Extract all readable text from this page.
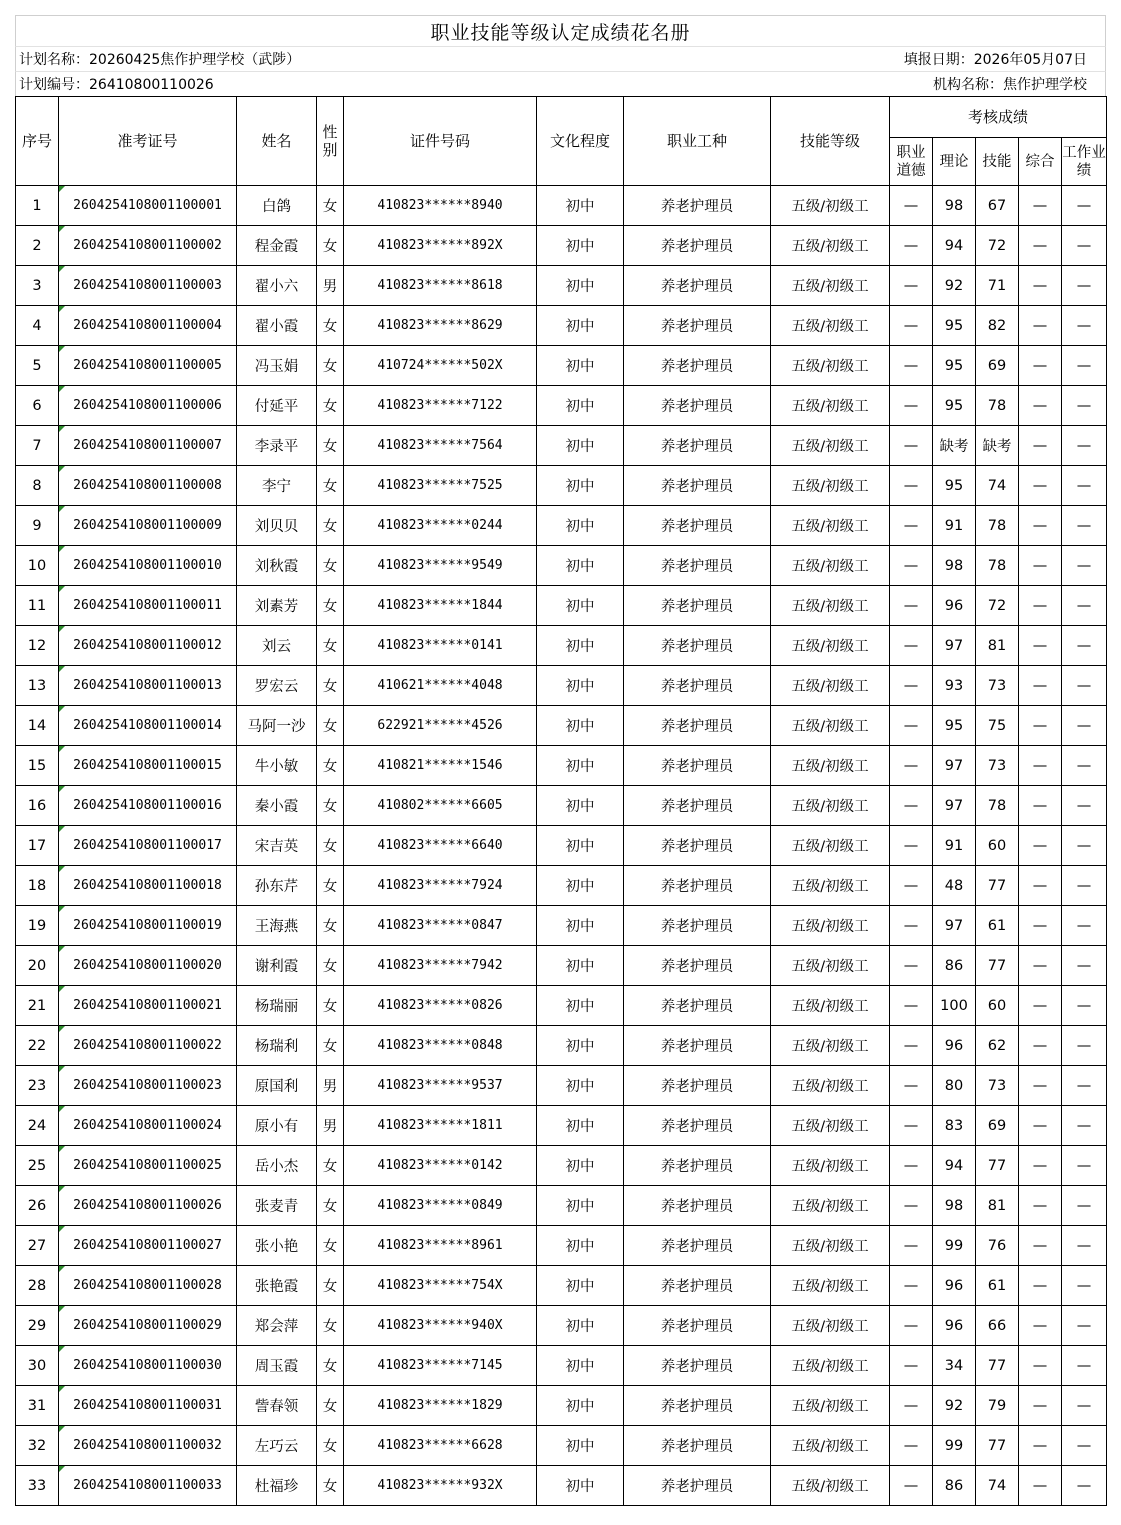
职业技能等级认定成绩花名册
计划名称：20260425焦作护理学校（武陟）	填报日期：2026年05月07日
计划编号：26410800110026	机构名称：焦作护理学校
序号	准考证号	姓名	性别	证件号码	文化程度	职业工种	技能等级	考核成绩				
								职业道德	理论	技能	综合	工作业绩
1	2604254108001100001	白鸽	女	410823******8940	初中	养老护理员	五级/初级工	—	98	67	—	—
2	2604254108001100002	程金霞	女	410823******892X	初中	养老护理员	五级/初级工	—	94	72	—	—
3	2604254108001100003	翟小六	男	410823******8618	初中	养老护理员	五级/初级工	—	92	71	—	—
4	2604254108001100004	翟小霞	女	410823******8629	初中	养老护理员	五级/初级工	—	95	82	—	—
5	2604254108001100005	冯玉娟	女	410724******502X	初中	养老护理员	五级/初级工	—	95	69	—	—
6	2604254108001100006	付延平	女	410823******7122	初中	养老护理员	五级/初级工	—	95	78	—	—
7	2604254108001100007	李录平	女	410823******7564	初中	养老护理员	五级/初级工	—	缺考	缺考	—	—
8	2604254108001100008	李宁	女	410823******7525	初中	养老护理员	五级/初级工	—	95	74	—	—
9	2604254108001100009	刘贝贝	女	410823******0244	初中	养老护理员	五级/初级工	—	91	78	—	—
10	2604254108001100010	刘秋霞	女	410823******9549	初中	养老护理员	五级/初级工	—	98	78	—	—
11	2604254108001100011	刘素芳	女	410823******1844	初中	养老护理员	五级/初级工	—	96	72	—	—
12	2604254108001100012	刘云	女	410823******0141	初中	养老护理员	五级/初级工	—	97	81	—	—
13	2604254108001100013	罗宏云	女	410621******4048	初中	养老护理员	五级/初级工	—	93	73	—	—
14	2604254108001100014	马阿一沙	女	622921******4526	初中	养老护理员	五级/初级工	—	95	75	—	—
15	2604254108001100015	牛小敏	女	410821******1546	初中	养老护理员	五级/初级工	—	97	73	—	—
16	2604254108001100016	秦小霞	女	410802******6605	初中	养老护理员	五级/初级工	—	97	78	—	—
17	2604254108001100017	宋吉英	女	410823******6640	初中	养老护理员	五级/初级工	—	91	60	—	—
18	2604254108001100018	孙东芹	女	410823******7924	初中	养老护理员	五级/初级工	—	48	77	—	—
19	2604254108001100019	王海燕	女	410823******0847	初中	养老护理员	五级/初级工	—	97	61	—	—
20	2604254108001100020	谢利霞	女	410823******7942	初中	养老护理员	五级/初级工	—	86	77	—	—
21	2604254108001100021	杨瑞丽	女	410823******0826	初中	养老护理员	五级/初级工	—	100	60	—	—
22	2604254108001100022	杨瑞利	女	410823******0848	初中	养老护理员	五级/初级工	—	96	62	—	—
23	2604254108001100023	原国利	男	410823******9537	初中	养老护理员	五级/初级工	—	80	73	—	—
24	2604254108001100024	原小有	男	410823******1811	初中	养老护理员	五级/初级工	—	83	69	—	—
25	2604254108001100025	岳小杰	女	410823******0142	初中	养老护理员	五级/初级工	—	94	77	—	—
26	2604254108001100026	张麦青	女	410823******0849	初中	养老护理员	五级/初级工	—	98	81	—	—
27	2604254108001100027	张小艳	女	410823******8961	初中	养老护理员	五级/初级工	—	99	76	—	—
28	2604254108001100028	张艳霞	女	410823******754X	初中	养老护理员	五级/初级工	—	96	61	—	—
29	2604254108001100029	郑会萍	女	410823******940X	初中	养老护理员	五级/初级工	—	96	66	—	—
30	2604254108001100030	周玉霞	女	410823******7145	初中	养老护理员	五级/初级工	—	34	77	—	—
31	2604254108001100031	訾春领	女	410823******1829	初中	养老护理员	五级/初级工	—	92	79	—	—
32	2604254108001100032	左巧云	女	410823******6628	初中	养老护理员	五级/初级工	—	99	77	—	—
33	2604254108001100033	杜福珍	女	410823******932X	初中	养老护理员	五级/初级工	—	86	74	—	—
